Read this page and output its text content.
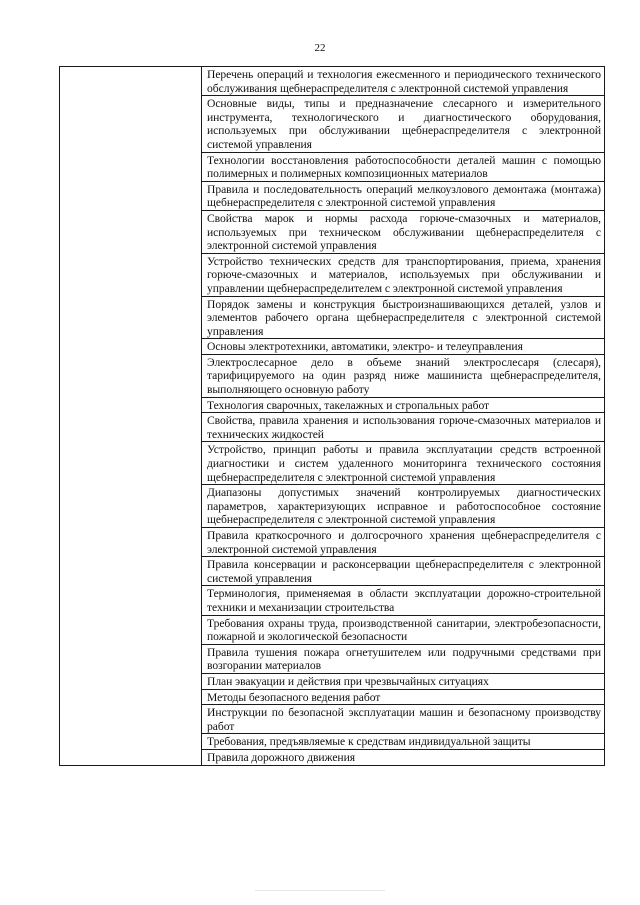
22

Перечень операций и технология ежесменного и периодического технического обслуживания щебнераспределителя с электронной системой управления

Основные виды, типы и предназначение слесарного и измерительного инструмента, технологического и диагностического оборудования, используемых при обслуживании щебнераспределителя с электронной системой управления

Технологии восстановления работоспособности деталей машин с помощью полимерных и полимерных композиционных материалов

Правила и последовательность операций мелкоузлового демонтажа (монтажа) щебнераспределителя с электронной системой управления

Свойства марок и нормы расхода горюче-смазочных и материалов, используемых при техническом обслуживании щебнераспределителя с электронной системой управления

Устройство технических средств для транспортирования, приема, хранения горюче-смазочных и материалов, используемых при обслуживании и управлении щебнераспределителем с электронной системой управления

Порядок замены и конструкция быстроизнашивающихся деталей, узлов и элементов рабочего органа щебнераспределителя с электронной системой управления

Основы электротехники, автоматики, электро- и телеуправления

Электрослесарное дело в объеме знаний электрослесаря (слесаря), тарифицируемого на один разряд ниже машиниста щебнераспределителя, выполняющего основную работу

Технология сварочных, такелажных и стропальных работ

Свойства, правила хранения и использования горюче-смазочных материалов и технических жидкостей

Устройство, принцип работы и правила эксплуатации средств встроенной диагностики и систем удаленного мониторинга технического состояния щебнераспределителя с электронной системой управления

Диапазоны допустимых значений контролируемых диагностических параметров, характеризующих исправное и работоспособное состояние щебнераспределителя с электронной системой управления

Правила краткосрочного и долгосрочного хранения щебнераспределителя с электронной системой управления

Правила консервации и расконсервации щебнераспределителя с электронной системой управления

Терминология, применяемая в области эксплуатации дорожно-строительной техники и механизации строительства

Требования охраны труда, производственной санитарии, электробезопасности, пожарной и экологической безопасности

Правила тушения пожара огнетушителем или подручными средствами при возгорании материалов

План эвакуации и действия при чрезвычайных ситуациях

Методы безопасного ведения работ

Инструкции по безопасной эксплуатации машин и безопасному производству работ

Требования, предъявляемые к средствам индивидуальной защиты

Правила дорожного движения
